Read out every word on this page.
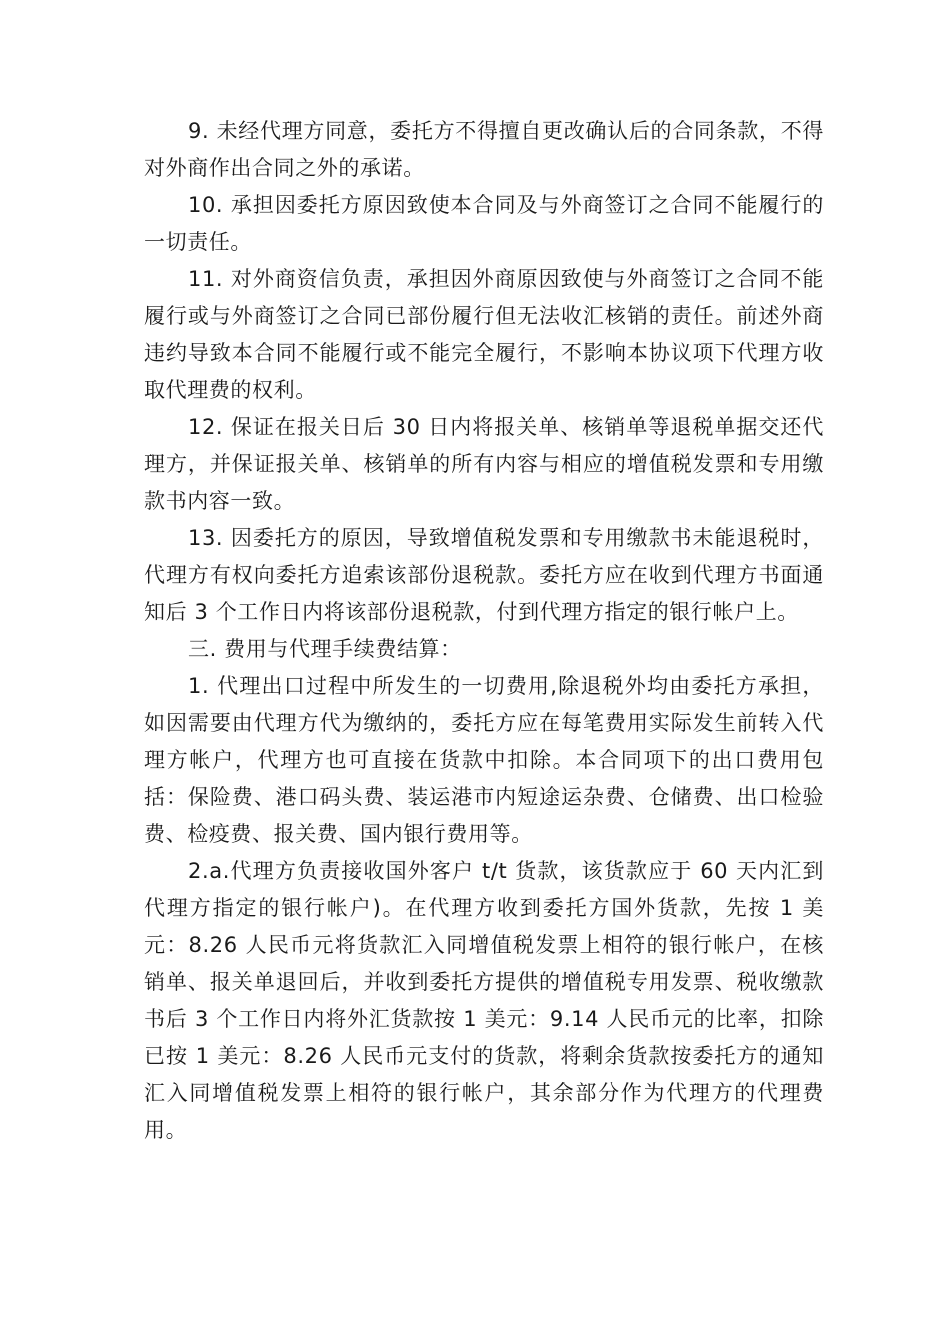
9. 未经代理方同意，委托方不得擅自更改确认后的合同条款，不得对外商作出合同之外的承诺。

10. 承担因委托方原因致使本合同及与外商签订之合同不能履行的一切责任。

11. 对外商资信负责，承担因外商原因致使与外商签订之合同不能履行或与外商签订之合同已部份履行但无法收汇核销的责任。前述外商违约导致本合同不能履行或不能完全履行，不影响本协议项下代理方收取代理费的权利。

12. 保证在报关日后 30 日内将报关单、核销单等退税单据交还代理方，并保证报关单、核销单的所有内容与相应的增值税发票和专用缴款书内容一致。

13. 因委托方的原因，导致增值税发票和专用缴款书未能退税时，代理方有权向委托方追索该部份退税款。委托方应在收到代理方书面通知后 3 个工作日内将该部份退税款，付到代理方指定的银行帐户上。

三. 费用与代理手续费结算：

1. 代理出口过程中所发生的一切费用,除退税外均由委托方承担，如因需要由代理方代为缴纳的，委托方应在每笔费用实际发生前转入代理方帐户，代理方也可直接在货款中扣除。本合同项下的出口费用包括：保险费、港口码头费、装运港市内短途运杂费、仓储费、出口检验费、检疫费、报关费、国内银行费用等。

2.a.代理方负责接收国外客户 t/t 货款，该货款应于 60 天内汇到代理方指定的银行帐户)。在代理方收到委托方国外货款，先按 1 美元：8.26 人民币元将货款汇入同增值税发票上相符的银行帐户，在核销单、报关单退回后，并收到委托方提供的增值税专用发票、税收缴款书后 3 个工作日内将外汇货款按 1 美元：9.14 人民币元的比率，扣除已按 1 美元：8.26 人民币元支付的货款，将剩余货款按委托方的通知汇入同增值税发票上相符的银行帐户，其余部分作为代理方的代理费用。
